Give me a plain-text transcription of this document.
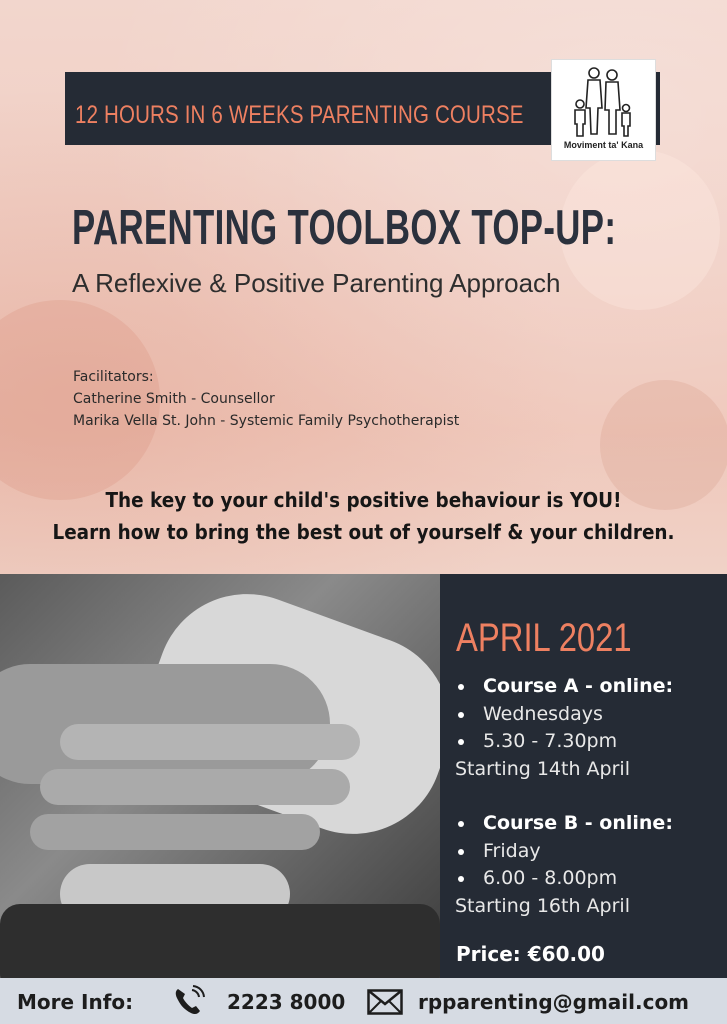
12 HOURS IN 6 WEEKS PARENTING COURSE
Moviment ta' Kana
PARENTING TOOLBOX TOP-UP:
A Reflexive & Positive Parenting Approach
Facilitators:
Catherine Smith - Counsellor
Marika Vella St. John - Systemic Family Psychotherapist
The key to your child's positive behaviour is YOU!
Learn how to bring the best out of yourself & your children.
APRIL 2021
Course A - online:
Wednesdays
5.30 - 7.30pm
Starting 14th April
Course B - online:
Friday
6.00 - 8.00pm
Starting 16th April
Price: €60.00
More Info:	2223 8000	rpparenting@gmail.com
